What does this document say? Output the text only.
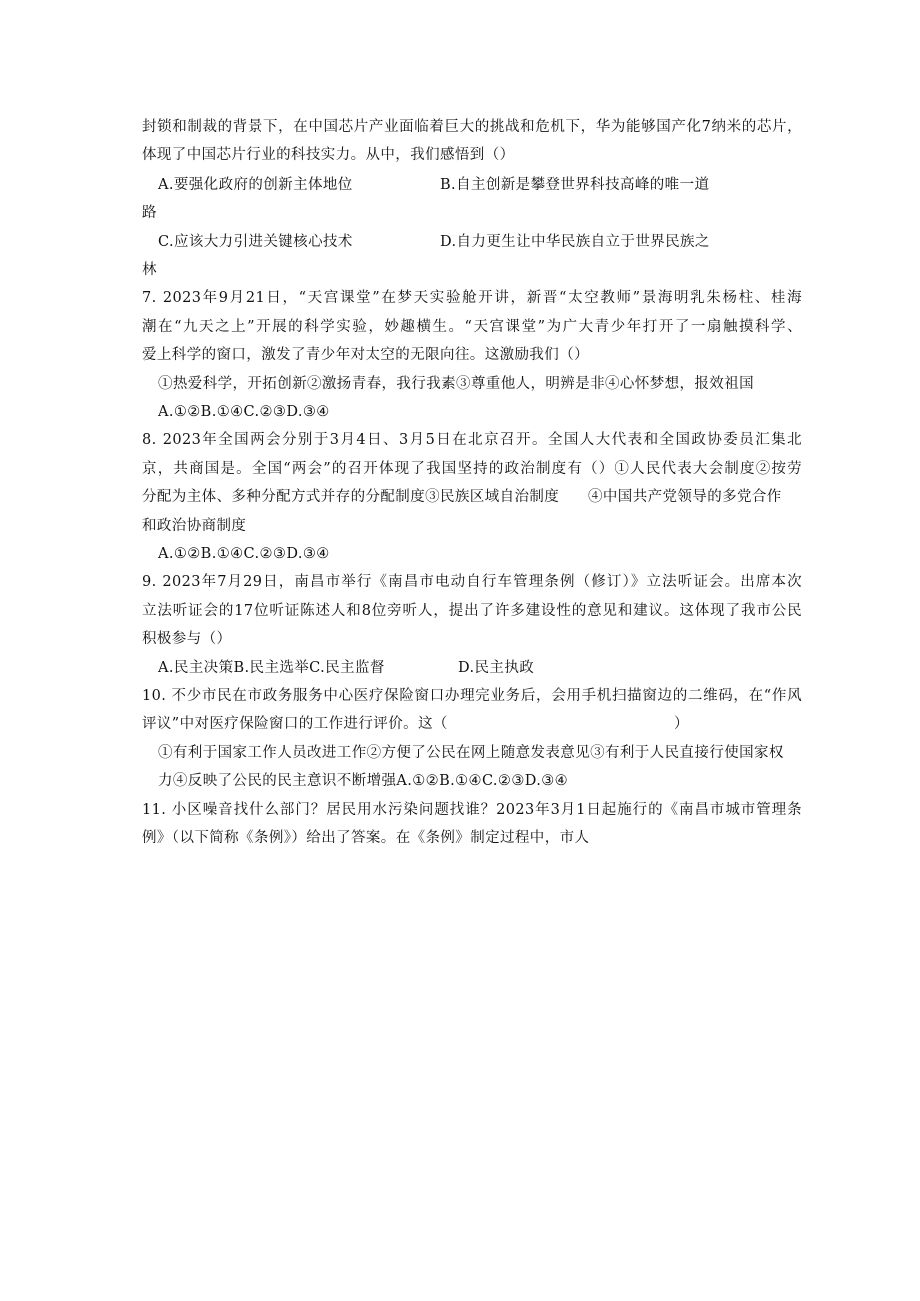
封锁和制裁的背景下，在中国芯片产业面临着巨大的挑战和危机下，华为能够国产化7纳米的芯片，
体现了中国芯片行业的科技实力。从中，我们感悟到（）
A.要强化政府的创新主体地位	B.自主创新是攀登世界科技高峰的唯一道
路
C.应该大力引进关键核心技术	D.自力更生让中华民族自立于世界民族之
林
7. 2023年9月21日，“天宫课堂”在梦天实验舱开讲，新晋“太空教师”景海明乳朱杨柱、桂海
潮在“九天之上”开展的科学实验，妙趣横生。“天宫课堂”为广大青少年打开了一扇触摸科学、
爱上科学的窗口，激发了青少年对太空的无限向往。这激励我们（）
①热爱科学，开拓创新②激扬青春，我行我素③尊重他人，明辨是非④心怀梦想，报效祖国
A.①②B.①④C.②③D.③④
8. 2023年全国两会分别于3月4日、3月5日在北京召开。全国人大代表和全国政协委员汇集北
京，共商国是。全国“两会”的召开体现了我国坚持的政治制度有（）①人民代表大会制度②按劳
分配为主体、多种分配方式并存的分配制度③民族区域自治制度 ④中国共产党领导的多党合作
和政治协商制度
A.①②B.①④C.②③D.③④
9. 2023年7月29日，南昌市举行《南昌市电动自行车管理条例（修订）》立法听证会。出席本次
立法听证会的17位听证陈述人和8位旁听人，提出了许多建设性的意见和建议。这体现了我市公民
积极参与（）
A.民主决策B.民主选举C.民主监督	D.民主执政
10. 不少市民在市政务服务中心医疗保险窗口办理完业务后，会用手机扫描窗边的二维码，在“作风
评议”中对医疗保险窗口的工作进行评价。这（	）
①有利于国家工作人员改进工作②方便了公民在网上随意发表意见③有利于人民直接行使国家权
力④反映了公民的民主意识不断增强A.①②B.①④C.②③D.③④
11. 小区噪音找什么部门？居民用水污染问题找谁？2023年3月1日起施行的《南昌市城市管理条
例》（以下简称《条例》）给出了答案。在《条例》制定过程中，市人
